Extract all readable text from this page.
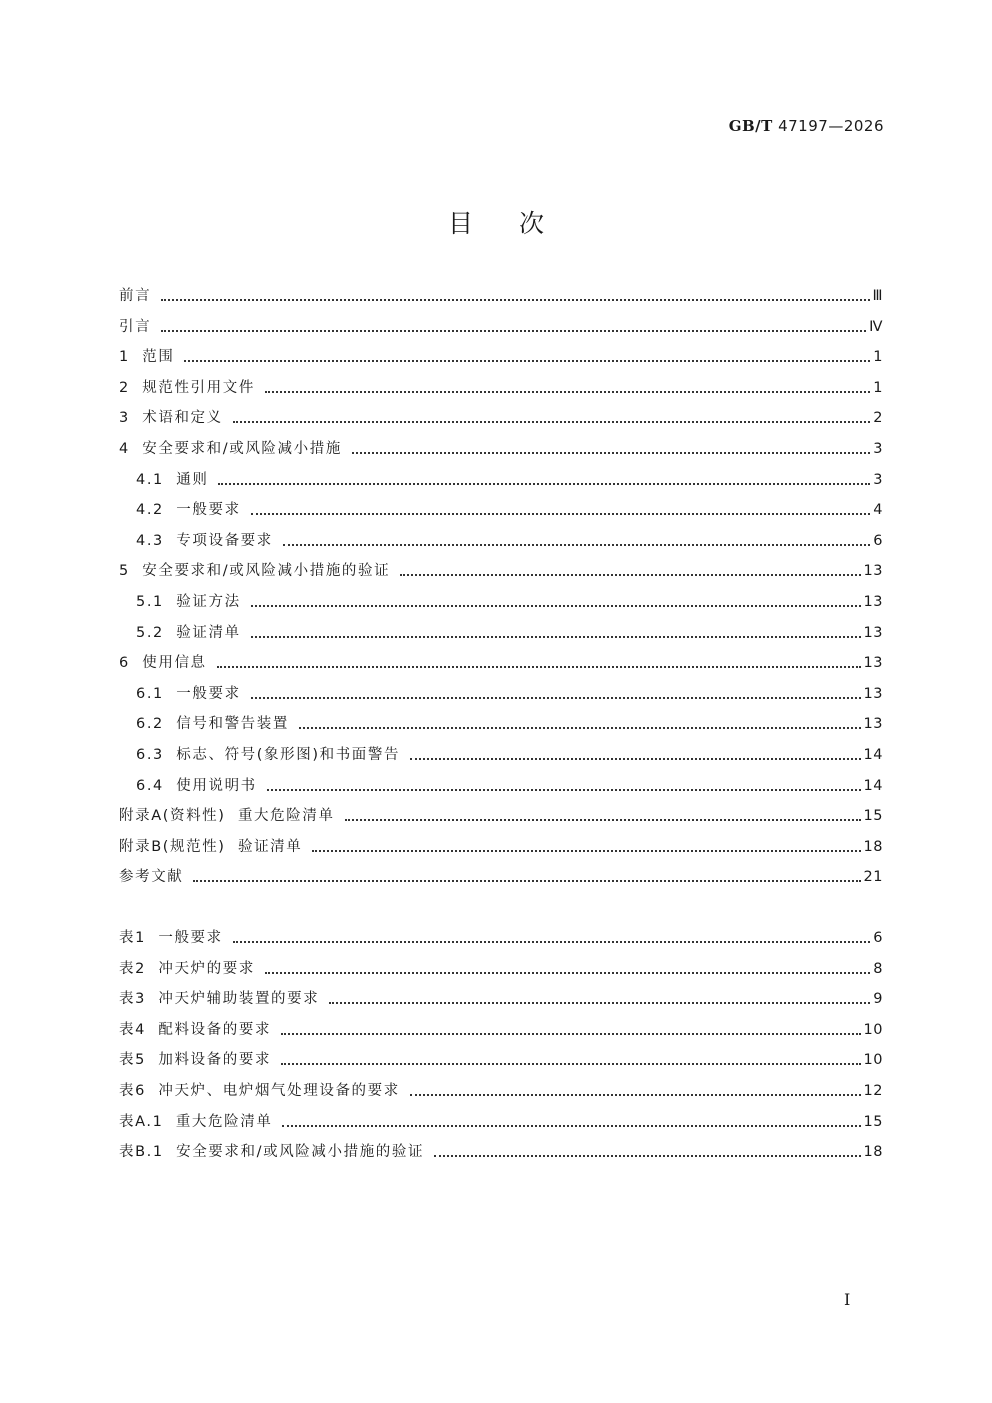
GB/T 47197—2026
目次
前言	Ⅲ
引言	Ⅳ
1 范围	1
2 规范性引用文件	1
3 术语和定义	2
4 安全要求和/或风险减小措施	3
4.1 通则	3
4.2 一般要求	4
4.3 专项设备要求	6
5 安全要求和/或风险减小措施的验证	13
5.1 验证方法	13
5.2 验证清单	13
6 使用信息	13
6.1 一般要求	13
6.2 信号和警告装置	13
6.3 标志、符号(象形图)和书面警告	14
6.4 使用说明书	14
附录A(资料性)  重大危险清单	15
附录B(规范性)  验证清单	18
参考文献	21
表1 一般要求	6
表2 冲天炉的要求	8
表3 冲天炉辅助装置的要求	9
表4 配料设备的要求	10
表5 加料设备的要求	10
表6 冲天炉、电炉烟气处理设备的要求	12
表A.1 重大危险清单	15
表B.1 安全要求和/或风险减小措施的验证	18
Ⅰ
